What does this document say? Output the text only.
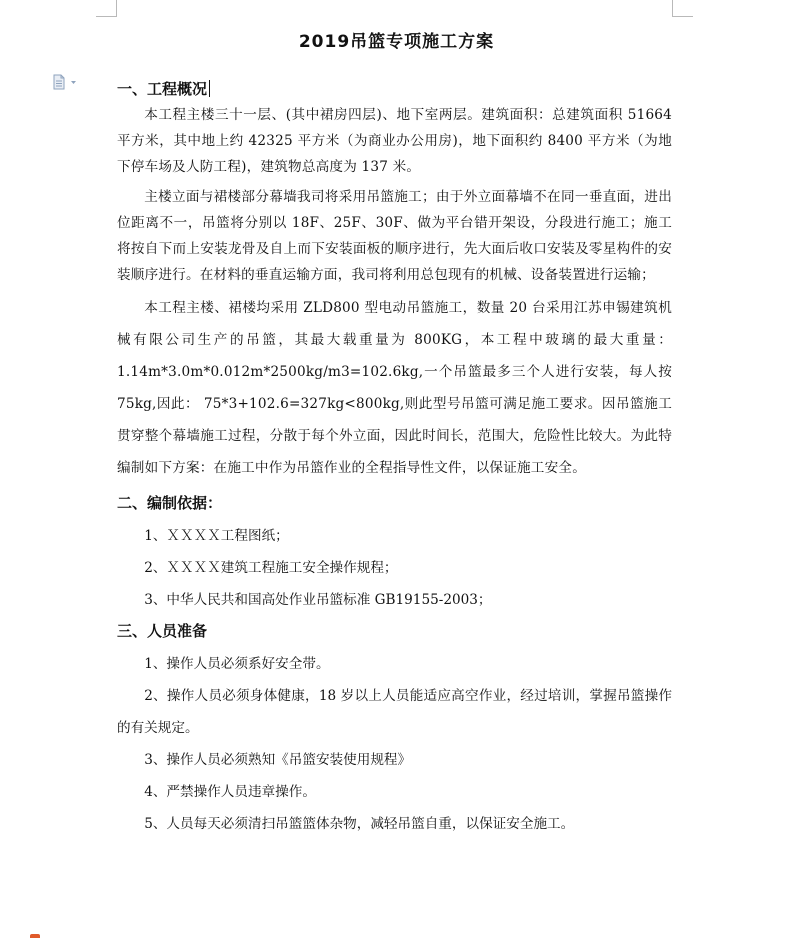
2019吊篮专项施工方案
一、工程概况
本工程主楼三十一层、(其中裙房四层)、地下室两层。建筑面积：总建筑面积 51664 平方米，其中地上约 42325 平方米（为商业办公用房)，地下面积约 8400 平方米（为地下停车场及人防工程)，建筑物总高度为 137 米。
主楼立面与裙楼部分幕墙我司将采用吊篮施工；由于外立面幕墙不在同一垂直面，进出位距离不一，吊篮将分别以 18F、25F、30F、做为平台错开架设，分段进行施工；施工将按自下而上安装龙骨及自上而下安装面板的顺序进行，先大面后收口安装及零星构件的安装顺序进行。在材料的垂直运输方面，我司将利用总包现有的机械、设备装置进行运输；
本工程主楼、裙楼均采用 ZLD800 型电动吊篮施工，数量 20 台采用江苏申锡建筑机械有限公司生产的吊篮，其最大载重量为 800KG，本工程中玻璃的最大重量：1.14m*3.0m*0.012m*2500kg/m3=102.6kg,一个吊篮最多三个人进行安装，每人按 75kg,因此： 75*3+102.6=327kg<800kg,则此型号吊篮可满足施工要求。因吊篮施工贯穿整个幕墙施工过程，分散于每个外立面，因此时间长，范围大，危险性比较大。为此特编制如下方案：在施工中作为吊篮作业的全程指导性文件，以保证施工安全。
二、编制依据：
1、ＸＸＸＸ工程图纸；
2、ＸＸＸＸ建筑工程施工安全操作规程；
3、中华人民共和国高处作业吊篮标准 GB19155-2003；
三、人员准备
1、操作人员必须系好安全带。
2、操作人员必须身体健康，18 岁以上人员能适应高空作业，经过培训，掌握吊篮操作的有关规定。
3、操作人员必须熟知《吊篮安装使用规程》
4、严禁操作人员违章操作。
5、人员每天必须清扫吊篮篮体杂物，减轻吊篮自重，以保证安全施工。
